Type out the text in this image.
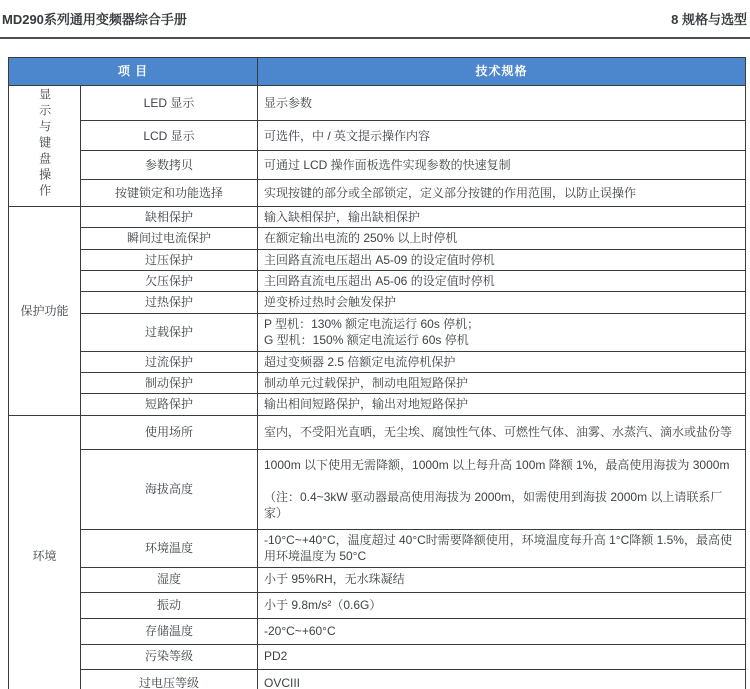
MD290系列通用变频器综合手册	8 规格与选型
项 目		技术规格
显示与键盘操作	LED 显示	显示参数
	LCD 显示	可选件，中 / 英文提示操作内容
	参数拷贝	可通过 LCD 操作面板选件实现参数的快速复制
	按键锁定和功能选择	实现按键的部分或全部锁定，定义部分按键的作用范围，以防止误操作
保护功能	缺相保护	输入缺相保护，输出缺相保护
	瞬间过电流保护	在额定输出电流的 250% 以上时停机
	过压保护	主回路直流电压超出 A5-09 的设定值时停机
	欠压保护	主回路直流电压超出 A5-06 的设定值时停机
	过热保护	逆变桥过热时会触发保护
	过载保护	P 型机：130% 额定电流运行 60s 停机；
G 型机：150% 额定电流运行 60s 停机
	过流保护	超过变频器 2.5 倍额定电流停机保护
	制动保护	制动单元过载保护，制动电阻短路保护
	短路保护	输出相间短路保护，输出对地短路保护
环境	使用场所	室内，不受阳光直晒，无尘埃、腐蚀性气体、可燃性气体、油雾、水蒸汽、滴水或盐份等
	海拔高度	1000m 以下使用无需降额，1000m 以上每升高 100m 降额 1%，最高使用海拔为 3000m

（注：0.4~3kW 驱动器最高使用海拔为 2000m，如需使用到海拔 2000m 以上请联系厂家）
	环境温度	-10°C~+40°C，温度超过 40°C时需要降额使用，环境温度每升高 1°C降额 1.5%，最高使用环境温度为 50°C
	湿度	小于 95%RH，无水珠凝结
	振动	小于 9.8m/s²（0.6G）
	存储温度	-20°C~+60°C
	污染等级	PD2
	过电压等级	OVCIII
